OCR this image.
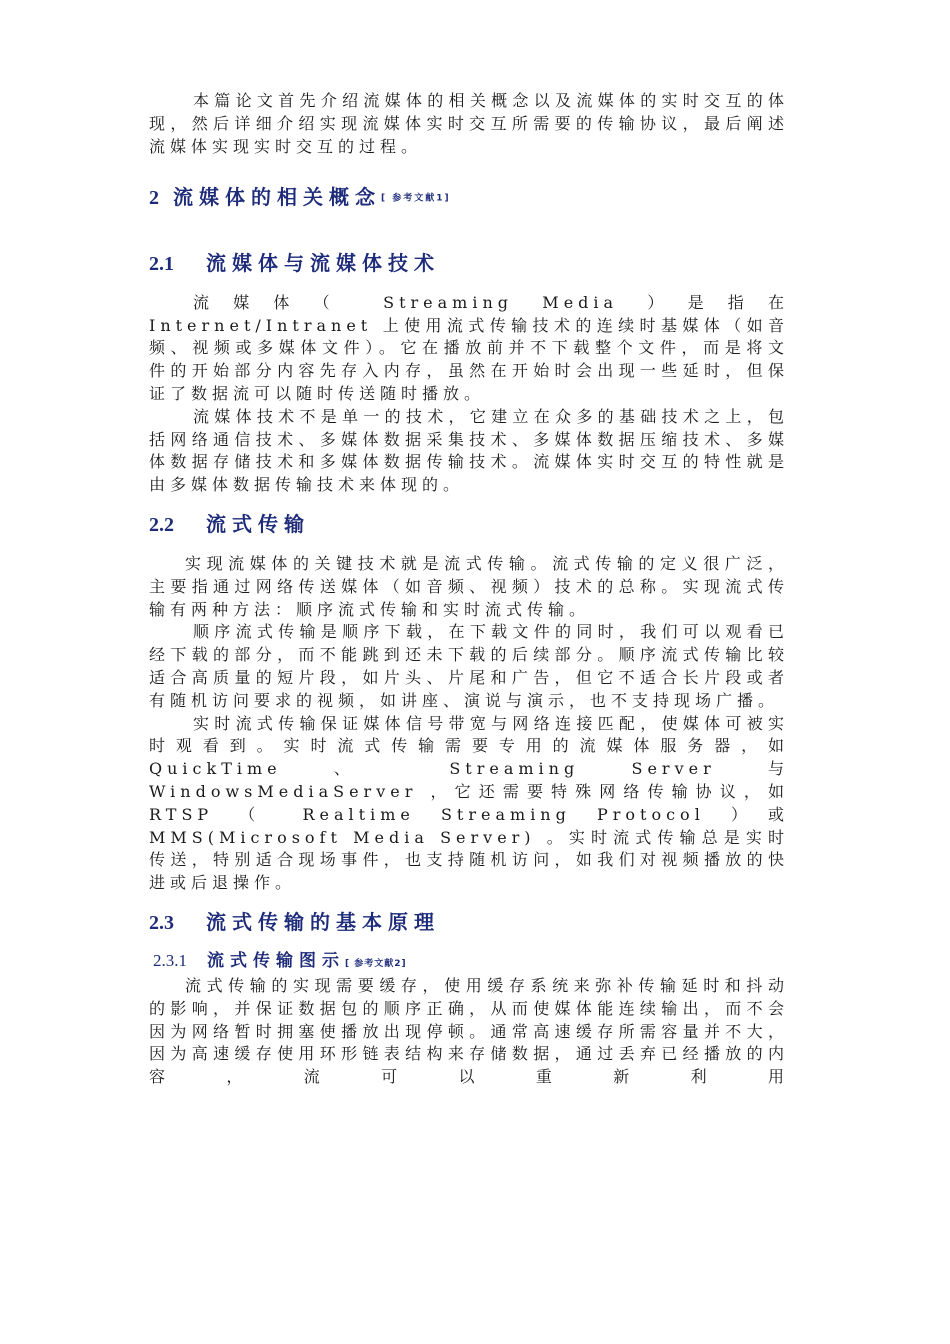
本篇论文首先介绍流媒体的相关概念以及流媒体的实时交互的体现，然后详细介绍实现流媒体实时交互所需要的传输协议，最后阐述流媒体实现实时交互的过程。

2 流媒体的相关概念[ 参考文献1]
2.1 流媒体与流媒体技术

流媒体（ Streaming Media ）是指在 Internet/Intranet 上使用流式传输技术的连续时基媒体（如音频、视频或多媒体文件）。它在播放前并不下载整个文件，而是将文件的开始部分内容先存入内存，虽然在开始时会出现一些延时，但保证了数据流可以随时传送随时播放。

流媒体技术不是单一的技术，它建立在众多的基础技术之上，包括网络通信技术、多媒体数据采集技术、多媒体数据压缩技术、多媒体数据存储技术和多媒体数据传输技术。流媒体实时交互的特性就是由多媒体数据传输技术来体现的。

2.2 流式传输

实现流媒体的关键技术就是流式传输。流式传输的定义很广泛，主要指通过网络传送媒体（如音频、视频）技术的总称。实现流式传输有两种方法：顺序流式传输和实时流式传输。

顺序流式传输是顺序下载，在下载文件的同时，我们可以观看已经下载的部分，而不能跳到还未下载的后续部分。顺序流式传输比较适合高质量的短片段，如片头、片尾和广告，但它不适合长片段或者有随机访问要求的视频，如讲座、演说与演示，也不支持现场广播。

实时流式传输保证媒体信号带宽与网络连接匹配，使媒体可被实时观看到。实时流式传输需要专用的流媒体服务器，如 QuickTime 、 Streaming Server 与 WindowsMediaServer ，它还需要特殊网络传输协议，如 RTSP （ Realtime Streaming Protocol ）或 MMS(Microsoft Media Server) 。实时流式传输总是实时传送，特别适合现场事件，也支持随机访问，如我们对视频播放的快进或后退操作。

2.3 流式传输的基本原理
2.3.1 流式传输图示[ 参考文献2]

流式传输的实现需要缓存，使用缓存系统来弥补传输延时和抖动的影响，并保证数据包的顺序正确，从而使媒体能连续输出，而不会因为网络暂时拥塞使播放出现停顿。通常高速缓存所需容量并不大，因为高速缓存使用环形链表结构来存储数据，通过丢弃已经播放的内容，流可以重新利用
